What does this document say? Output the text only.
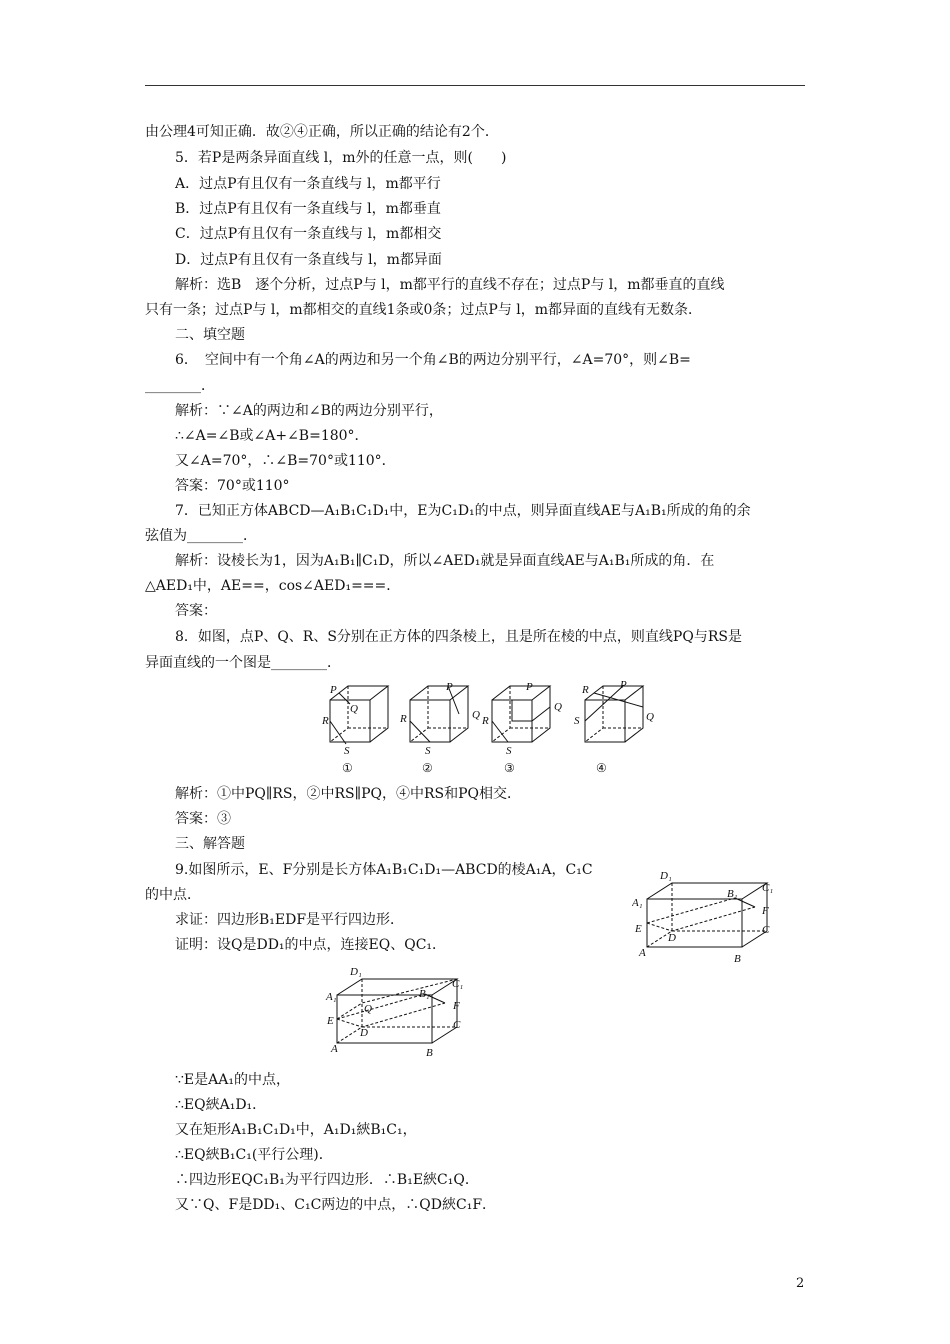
由公理4可知正确．故②④正确，所以正确的结论有2个．
5．若P是两条异面直线 l，m外的任意一点，则(　　)
A．过点P有且仅有一条直线与 l，m都平行
B．过点P有且仅有一条直线与 l，m都垂直
C．过点P有且仅有一条直线与 l，m都相交
D．过点P有且仅有一条直线与 l，m都异面
解析：选B　逐个分析，过点P与 l，m都平行的直线不存在；过点P与 l，m都垂直的直线
只有一条；过点P与 l，m都相交的直线1条或0条；过点P与 l，m都异面的直线有无数条．
二、填空题
6．　空间中有一个角∠A的两边和另一个角∠B的两边分别平行，∠A=70°，则∠B=
________．
解析：∵∠A的两边和∠B的两边分别平行，
∴∠A=∠B或∠A+∠B=180°．
又∠A=70°，∴∠B=70°或110°．
答案：70°或110°
7．已知正方体ABCD—A₁B₁C₁D₁中，E为C₁D₁的中点，则异面直线AE与A₁B₁所成的角的余
弦值为________．
解析：设棱长为1，因为A₁B₁∥C₁D，所以∠AED₁就是异面直线AE与A₁B₁所成的角．在
△AED₁中，AE==，cos∠AED₁===．
答案：
8．如图，点P、Q、R、S分别在正方体的四条棱上，且是所在棱的中点，则直线PQ与RS是
异面直线的一个图是________．
P
Q
R
S
①
P
R	Q
S
②
P
Q
R
S
③
R	P
S	Q
④
解析：①中PQ∥RS，②中RS∥PQ，④中RS和PQ相交．
答案：③
三、解答题
9.如图所示，E、F分别是长方体A₁B₁C₁D₁—ABCD的棱A₁A，C₁C
的中点．
求证：四边形B₁EDF是平行四边形．
证明：设Q是DD₁的中点，连接EQ、QC₁．
D₁
C₁
A₁
B₁
F
E
D
C
A	B
D₁
C₁
A₁	B₁
F
Q
E
D
C
A	B
∵E是AA₁的中点，
∴EQ綊A₁D₁．
又在矩形A₁B₁C₁D₁中，A₁D₁綊B₁C₁，
∴EQ綊B₁C₁(平行公理)．
∴四边形EQC₁B₁为平行四边形．∴B₁E綊C₁Q．
又∵Q、F是DD₁、C₁C两边的中点，∴QD綊C₁F．
2
